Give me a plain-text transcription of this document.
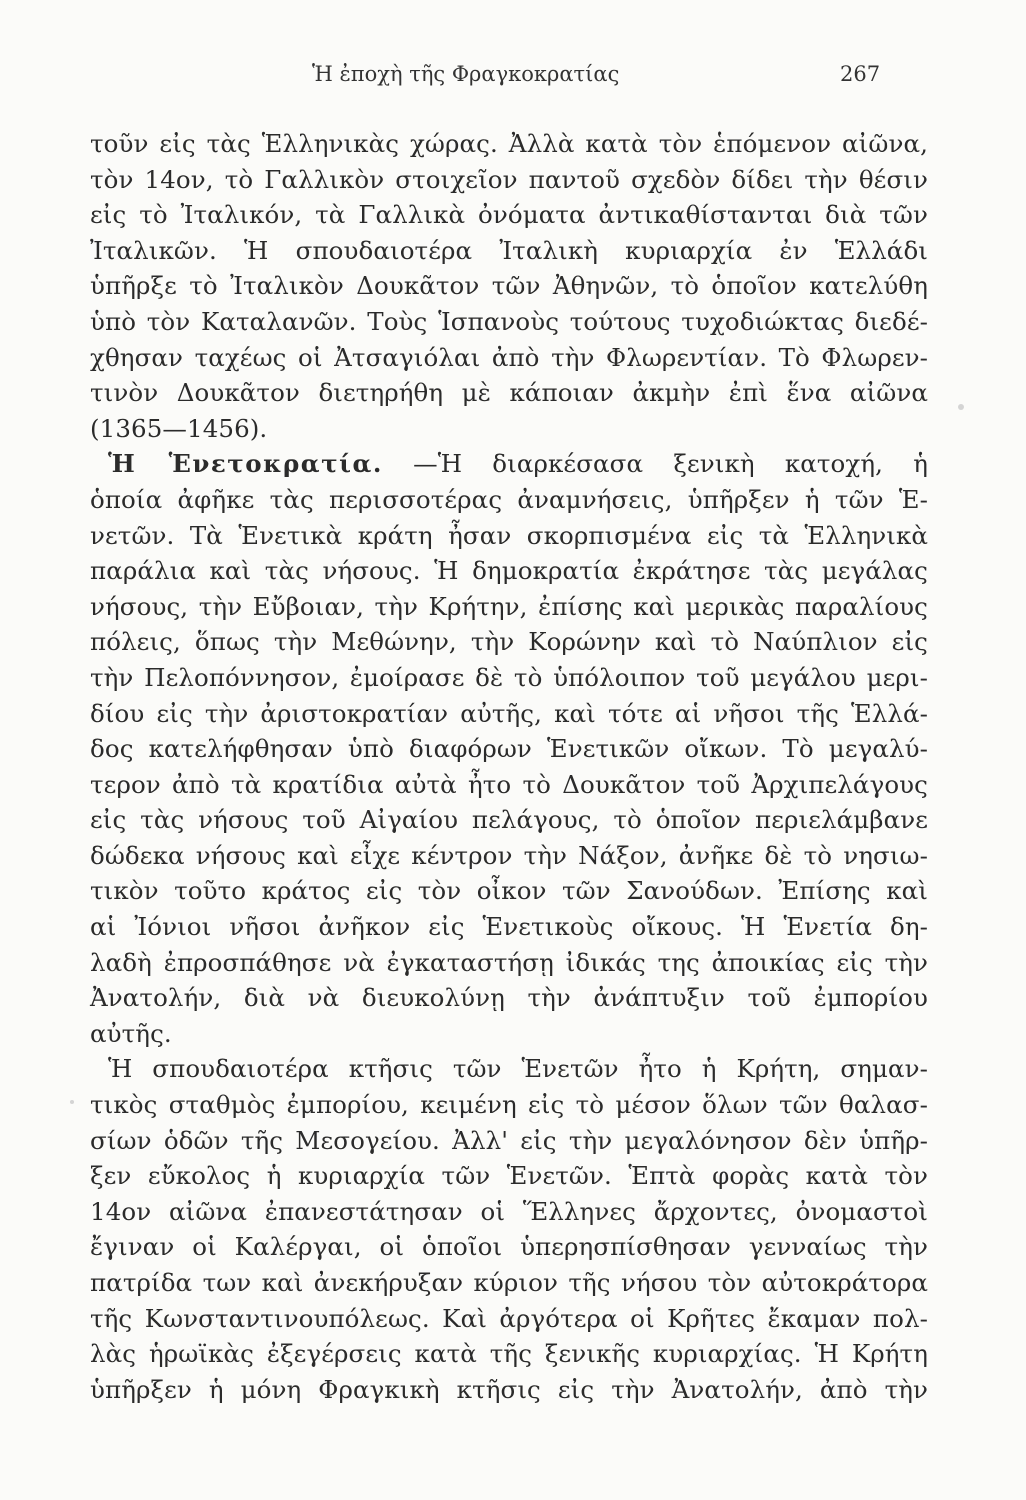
Ἡ ἐποχὴ τῆς Φραγκοκρατίας	267
τοῦν εἰς τὰς Ἑλληνικὰς χώρας. Ἀλλὰ κατὰ τὸν ἑπόμενον αἰῶνα,
τὸν 14ον, τὸ Γαλλικὸν στοιχεῖον παντοῦ σχεδὸν δίδει τὴν θέσιν
εἰς τὸ Ἰταλικόν, τὰ Γαλλικὰ ὀνόματα ἀντικαθίστανται διὰ τῶν
Ἰταλικῶν. Ἡ σπουδαιοτέρα Ἰταλικὴ κυριαρχία ἐν Ἑλλάδι
ὑπῆρξε τὸ Ἰταλικὸν Δουκᾶτον τῶν Ἀθηνῶν, τὸ ὁποῖον κατελύθη
ὑπὸ τὸν Καταλανῶν. Τοὺς Ἱσπανοὺς τούτους τυχοδιώκτας διεδέ-
χθησαν ταχέως οἱ Ἀτσαγιόλαι ἀπὸ τὴν Φλωρεντίαν. Τὸ Φλωρεν-
τινὸν Δουκᾶτον διετηρήθη μὲ κάποιαν ἀκμὴν ἐπὶ ἕνα αἰῶνα
(1365—1456).
Ἡ Ἑνετοκρατία. —Ἡ διαρκέσασα ξενικὴ κατοχή, ἡ
ὁποία ἀφῆκε τὰς περισσοτέρας ἀναμνήσεις, ὑπῆρξεν ἡ τῶν Ἑ-
νετῶν. Τὰ Ἑνετικὰ κράτη ἦσαν σκορπισμένα εἰς τὰ Ἑλληνικὰ
παράλια καὶ τὰς νήσους. Ἡ δημοκρατία ἐκράτησε τὰς μεγάλας
νήσους, τὴν Εὔβοιαν, τὴν Κρήτην, ἐπίσης καὶ μερικὰς παραλίους
πόλεις, ὅπως τὴν Μεθώνην, τὴν Κορώνην καὶ τὸ Ναύπλιον εἰς
τὴν Πελοπόννησον, ἐμοίρασε δὲ τὸ ὑπόλοιπον τοῦ μεγάλου μερι-
δίου εἰς τὴν ἀριστοκρατίαν αὐτῆς, καὶ τότε αἱ νῆσοι τῆς Ἑλλά-
δος κατελήφθησαν ὑπὸ διαφόρων Ἑνετικῶν οἴκων. Τὸ μεγαλύ-
τερον ἀπὸ τὰ κρατίδια αὐτὰ ἦτο τὸ Δουκᾶτον τοῦ Ἀρχιπελάγους
εἰς τὰς νήσους τοῦ Αἰγαίου πελάγους, τὸ ὁποῖον περιελάμβανε
δώδεκα νήσους καὶ εἶχε κέντρον τὴν Νάξον, ἀνῆκε δὲ τὸ νησιω-
τικὸν τοῦτο κράτος εἰς τὸν οἶκον τῶν Σανούδων. Ἐπίσης καὶ
αἱ Ἰόνιοι νῆσοι ἀνῆκον εἰς Ἑνετικοὺς οἴκους. Ἡ Ἑνετία δη-
λαδὴ ἐπροσπάθησε νὰ ἐγκαταστήσῃ ἰδικάς της ἀποικίας εἰς τὴν
Ἀνατολήν, διὰ νὰ διευκολύνῃ τὴν ἀνάπτυξιν τοῦ ἐμπορίου
αὐτῆς.
Ἡ σπουδαιοτέρα κτῆσις τῶν Ἑνετῶν ἦτο ἡ Κρήτη, σημαν-
τικὸς σταθμὸς ἐμπορίου, κειμένη εἰς τὸ μέσον ὅλων τῶν θαλασ-
σίων ὁδῶν τῆς Μεσογείου. Ἀλλ' εἰς τὴν μεγαλόνησον δὲν ὑπῆρ-
ξεν εὔκολος ἡ κυριαρχία τῶν Ἑνετῶν. Ἑπτὰ φορὰς κατὰ τὸν
14ον αἰῶνα ἐπανεστάτησαν οἱ Ἕλληνες ἄρχοντες, ὀνομαστοὶ
ἔγιναν οἱ Καλέργαι, οἱ ὁποῖοι ὑπερησπίσθησαν γενναίως τὴν
πατρίδα των καὶ ἀνεκήρυξαν κύριον τῆς νήσου τὸν αὐτοκράτορα
τῆς Κωνσταντινουπόλεως. Καὶ ἀργότερα οἱ Κρῆτες ἔκαμαν πολ-
λὰς ἡρωϊκὰς ἐξεγέρσεις κατὰ τῆς ξενικῆς κυριαρχίας. Ἡ Κρήτη
ὑπῆρξεν ἡ μόνη Φραγκικὴ κτῆσις εἰς τὴν Ἀνατολήν, ἀπὸ τὴν
